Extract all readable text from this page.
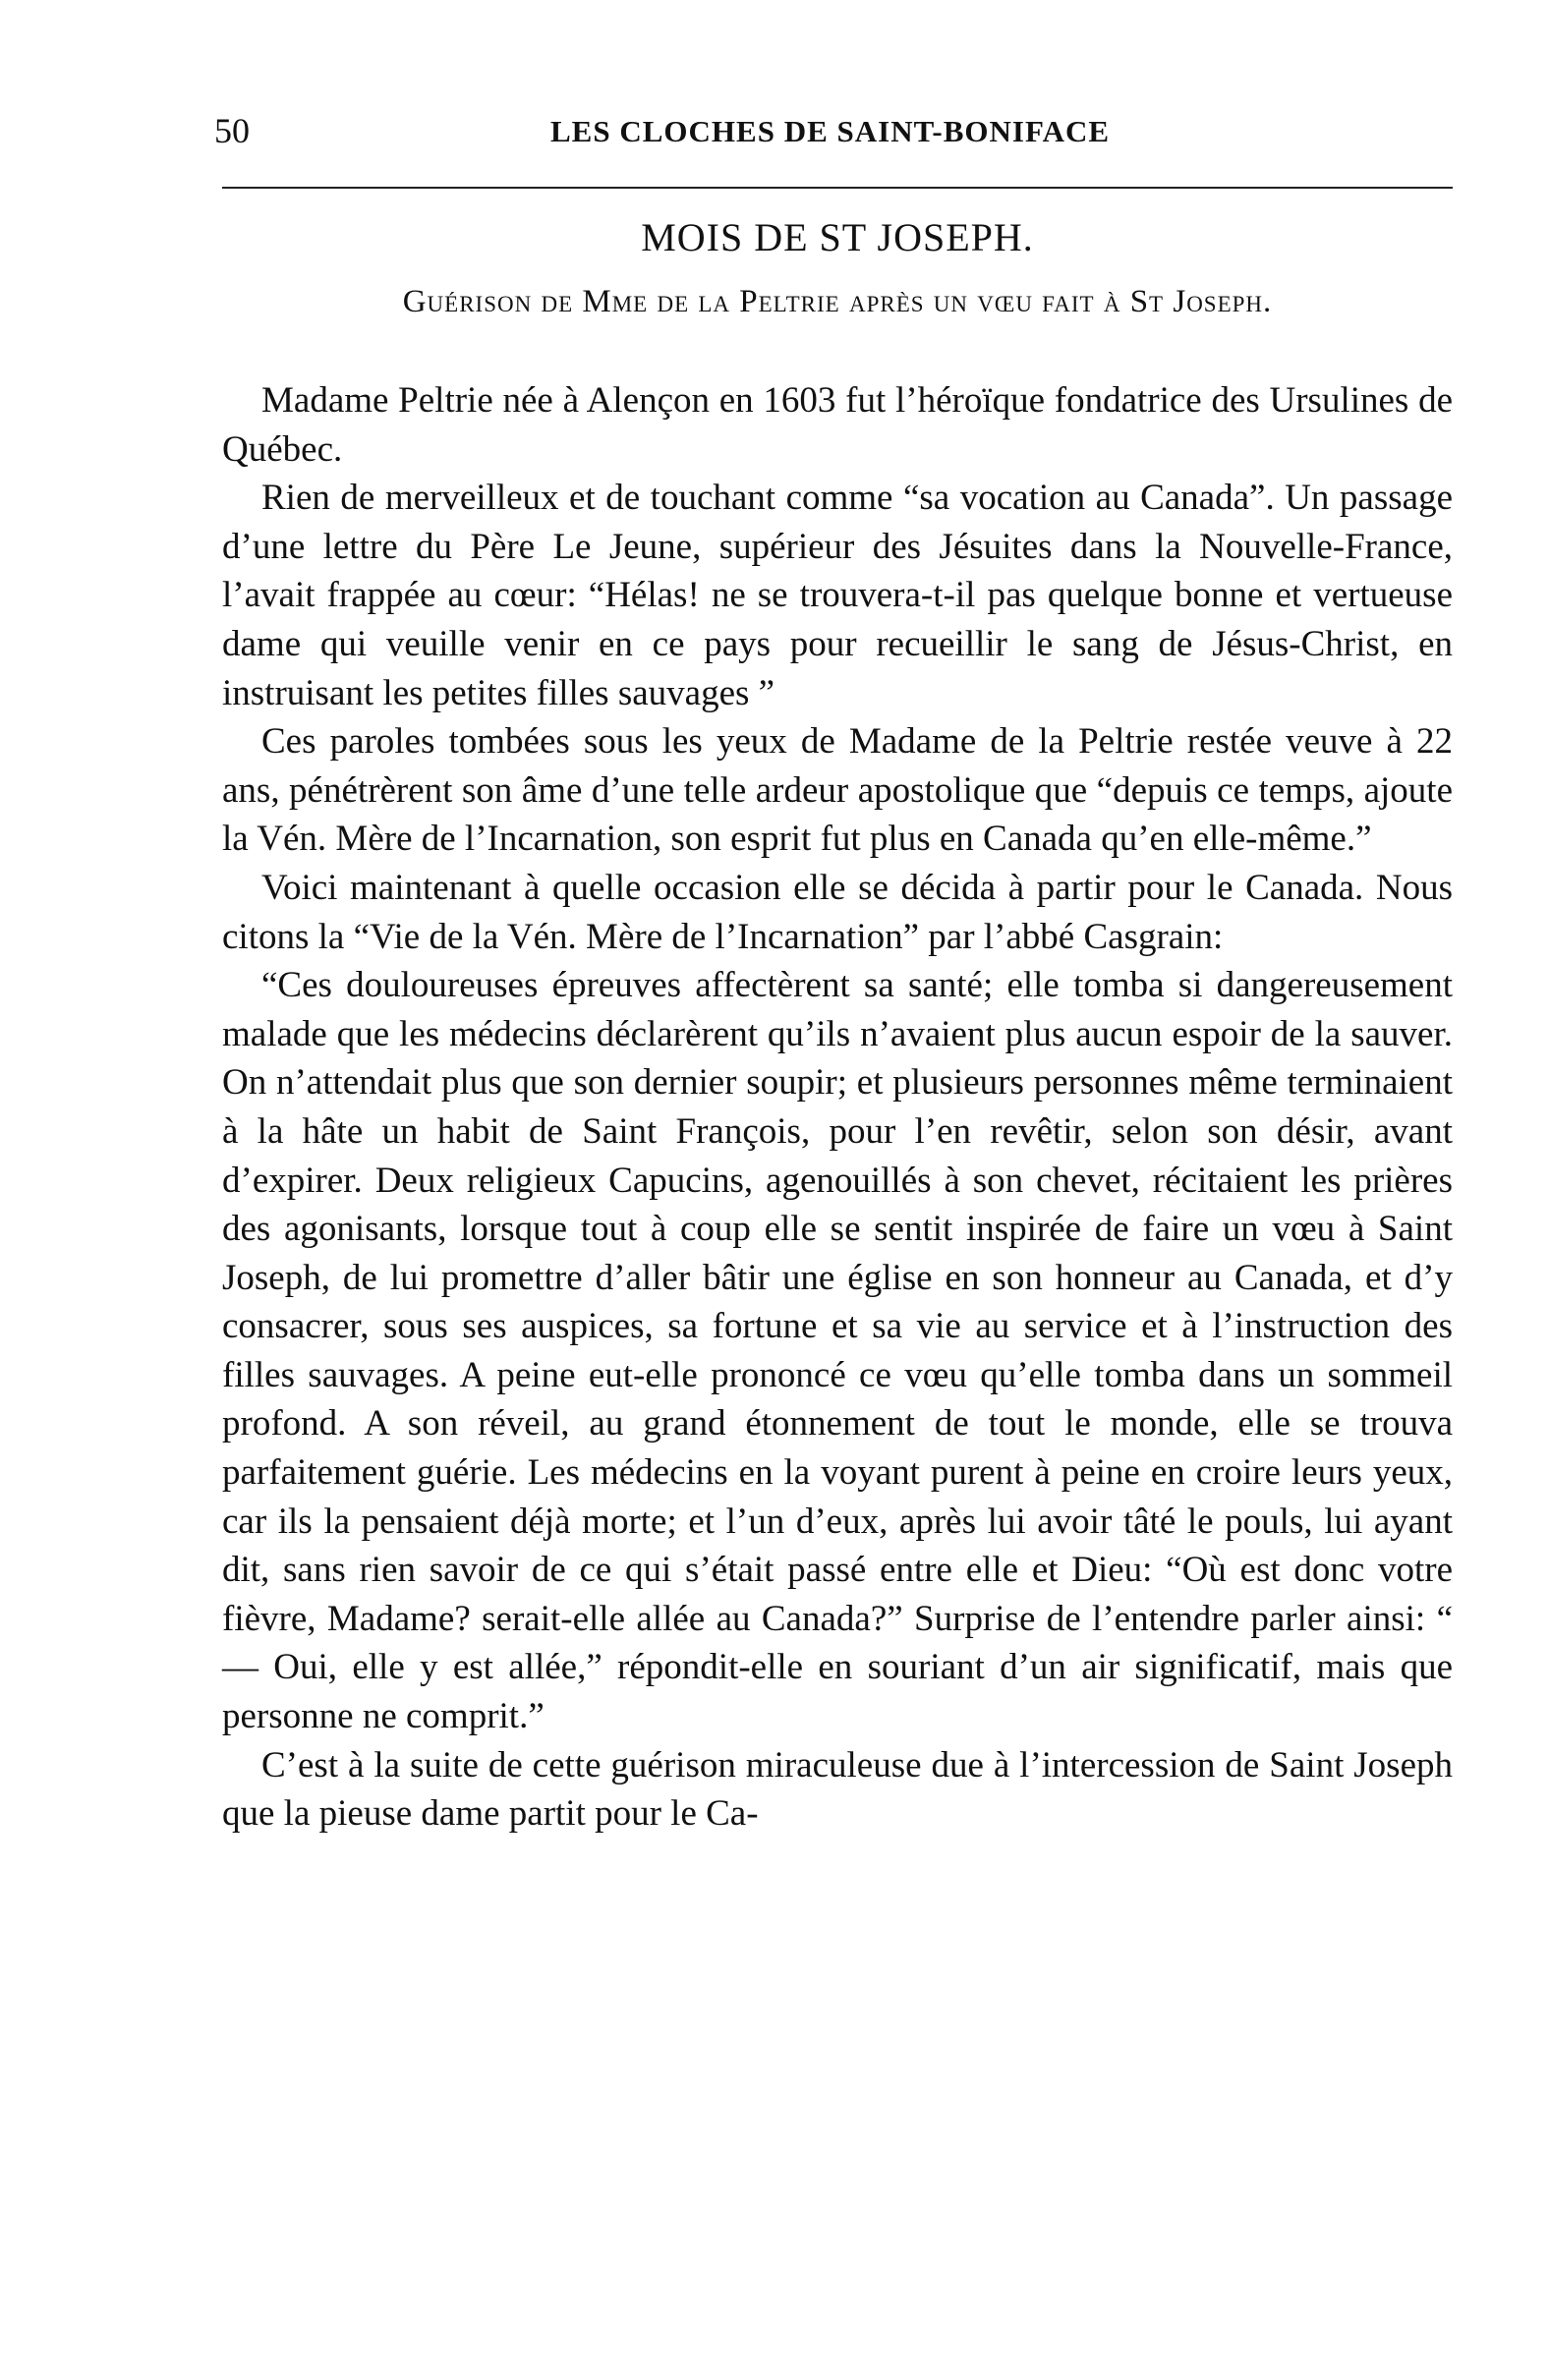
50	LES CLOCHES DE SAINT-BONIFACE
MOIS DE ST JOSEPH.
Guérison de Mme de la Peltrie après un vœu fait à St Joseph.

Madame Peltrie née à Alençon en 1603 fut l’héroïque fondatrice des Ursulines de Québec.

Rien de merveilleux et de touchant comme “sa vocation au Canada”. Un passage d’une lettre du Père Le Jeune, supérieur des Jésuites dans la Nouvelle-France, l’avait frappée au cœur: “Hélas! ne se trouvera-t-il pas quelque bonne et vertueuse dame qui veuille venir en ce pays pour recueillir le sang de Jésus-Christ, en instruisant les petites filles sauvages ”

Ces paroles tombées sous les yeux de Madame de la Peltrie restée veuve à 22 ans, pénétrèrent son âme d’une telle ardeur apostolique que “depuis ce temps, ajoute la Vén. Mère de l’Incarnation, son esprit fut plus en Canada qu’en elle-même.”

Voici maintenant à quelle occasion elle se décida à partir pour le Canada. Nous citons la “Vie de la Vén. Mère de l’Incarnation” par l’abbé Casgrain:

“Ces douloureuses épreuves affectèrent sa santé; elle tomba si dangereusement malade que les médecins déclarèrent qu’ils n’avaient plus aucun espoir de la sauver. On n’attendait plus que son dernier soupir; et plusieurs personnes même terminaient à la hâte un habit de Saint François, pour l’en revêtir, selon son désir, avant d’expirer. Deux religieux Capucins, agenouillés à son chevet, récitaient les prières des agonisants, lorsque tout à coup elle se sentit inspirée de faire un vœu à Saint Joseph, de lui promettre d’aller bâtir une église en son honneur au Canada, et d’y consacrer, sous ses auspices, sa fortune et sa vie au service et à l’instruction des filles sauvages. A peine eut-elle prononcé ce vœu qu’elle tomba dans un sommeil profond. A son réveil, au grand étonnement de tout le monde, elle se trouva parfaitement guérie. Les médecins en la voyant purent à peine en croire leurs yeux, car ils la pensaient déjà morte; et l’un d’eux, après lui avoir tâté le pouls, lui ayant dit, sans rien savoir de ce qui s’était passé entre elle et Dieu: “Où est donc votre fièvre, Madame? serait-elle allée au Canada?” Surprise de l’entendre parler ainsi: “ — Oui, elle y est allée,” répondit-elle en souriant d’un air significatif, mais que personne ne comprit.”

C’est à la suite de cette guérison miraculeuse due à l’intercession de Saint Joseph que la pieuse dame partit pour le Ca-
